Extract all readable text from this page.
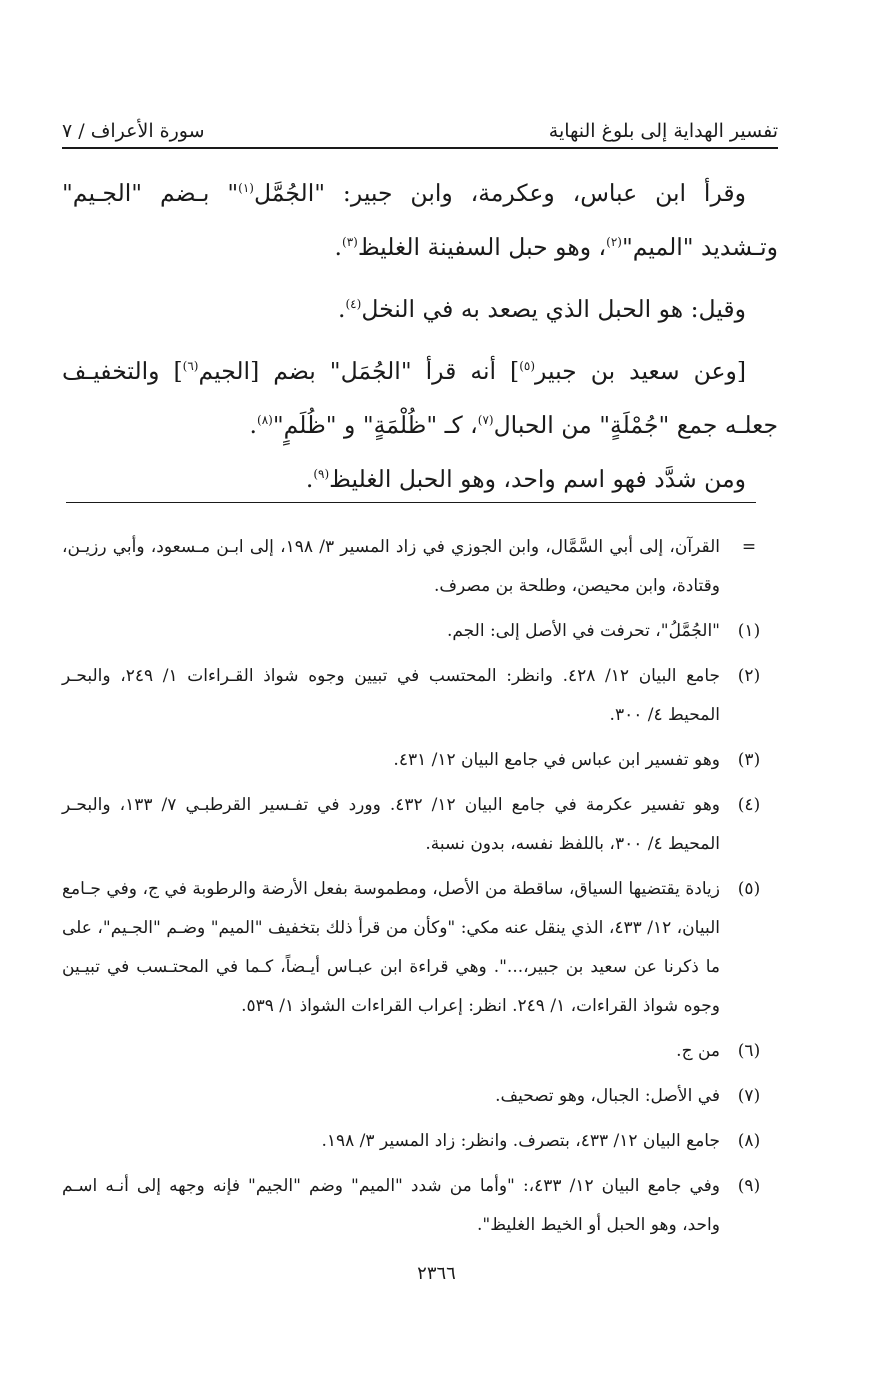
تفسير الهداية إلى بلوغ النهاية
سورة الأعراف / ٧

وقرأ ابن عباس، وعكرمة، وابن جبير: "الجُمَّل$^{(١)}$" بـضم "الجـيم" وتـشديد "الميم"$^{(٢)}$، وهو حبل السفينة الغليظ$^{(٣)}$.

وقيل: هو الحبل الذي يصعد به في النخل$^{(٤)}$.

[وعن سعيد بن جبير$^{(٥)}$] أنه قرأ "الجُمَل" بضم [الجيم$^{(٦)}$] والتخفيـف جعلـه جمع "جُمْلَةٍ" من الحبال$^{(٧)}$، كـ "ظُلْمَةٍ" و "ظُلَمٍ"$^{(٨)}$.

ومن شدَّد فهو اسم واحد، وهو الحبل الغليظ$^{(٩)}$.

=
القرآن، إلى أبي السَّمَّال، وابن الجوزي في زاد المسير ٣/ ١٩٨، إلى ابـن مـسعود، وأبي رزيـن، وقتادة، وابن محيصن، وطلحة بن مصرف.
(١)
"الجُمَّلُ"، تحرفت في الأصل إلى: الجم.
(٢)
جامع البيان ١٢/ ٤٢٨. وانظر: المحتسب في تبيين وجوه شواذ القـراءات ١/ ٢٤٩، والبحـر المحيط ٤/ ٣٠٠.
(٣)
وهو تفسير ابن عباس في جامع البيان ١٢/ ٤٣١.
(٤)
وهو تفسير عكرمة في جامع البيان ١٢/ ٤٣٢. وورد في تفـسير القرطبـي ٧/ ١٣٣، والبحـر المحيط ٤/ ٣٠٠، باللفظ نفسه، بدون نسبة.
(٥)
زيادة يقتضيها السياق، ساقطة من الأصل، ومطموسة بفعل الأرضة والرطوبة في ج، وفي جـامع البيان، ١٢/ ٤٣٣، الذي ينقل عنه مكي: "وكأن من قرأ ذلك بتخفيف "الميم" وضـم "الجـيم"، على ما ذكرنا عن سعيد بن جبير،...". وهي قراءة ابن عبـاس أيـضاً، كـما في المحتـسب في تبيـين وجوه شواذ القراءات، ١/ ٢٤٩. انظر: إعراب القراءات الشواذ ١/ ٥٣٩.
(٦)
من ج.
(٧)
في الأصل: الجبال، وهو تصحيف.
(٨)
جامع البيان ١٢/ ٤٣٣، بتصرف. وانظر: زاد المسير ٣/ ١٩٨.
(٩)
وفي جامع البيان ١٢/ ٤٣٣،: "وأما من شدد "الميم" وضم "الجيم" فإنه وجهه إلى أنـه اسـم واحد، وهو الحبل أو الخيط الغليظ".
٢٣٦٦
